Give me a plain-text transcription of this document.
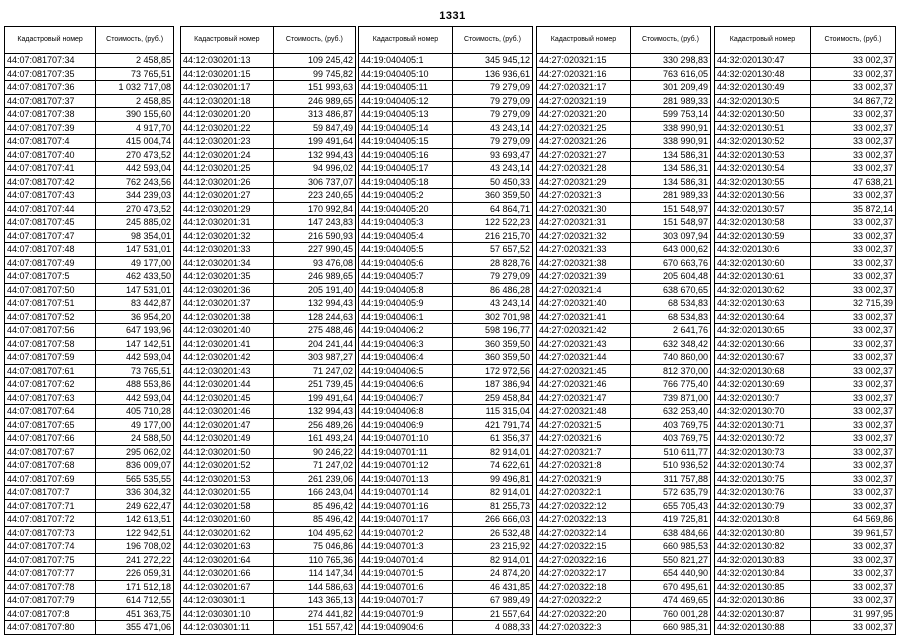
1331
Кадастровый номер	Стоимость, (руб.)
44:07:081707:34	2 458,85
44:07:081707:35	73 765,51
44:07:081707:36	1 032 717,08
44:07:081707:37	2 458,85
44:07:081707:38	390 155,60
44:07:081707:39	4 917,70
44:07:081707:4	415 004,74
44:07:081707:40	270 473,52
44:07:081707:41	442 593,04
44:07:081707:42	762 243,56
44:07:081707:43	344 239,03
44:07:081707:44	270 473,52
44:07:081707:45	245 885,02
44:07:081707:47	98 354,01
44:07:081707:48	147 531,01
44:07:081707:49	49 177,00
44:07:081707:5	462 433,50
44:07:081707:50	147 531,01
44:07:081707:51	83 442,87
44:07:081707:52	36 954,20
44:07:081707:56	647 193,96
44:07:081707:58	147 142,51
44:07:081707:59	442 593,04
44:07:081707:61	73 765,51
44:07:081707:62	488 553,86
44:07:081707:63	442 593,04
44:07:081707:64	405 710,28
44:07:081707:65	49 177,00
44:07:081707:66	24 588,50
44:07:081707:67	295 062,02
44:07:081707:68	836 009,07
44:07:081707:69	565 535,55
44:07:081707:7	336 304,32
44:07:081707:71	249 622,47
44:07:081707:72	142 613,51
44:07:081707:73	122 942,51
44:07:081707:74	196 708,02
44:07:081707:75	241 272,22
44:07:081707:77	226 059,31
44:07:081707:78	171 512,18
44:07:081707:79	614 712,55
44:07:081707:8	451 363,75
44:07:081707:80	355 471,06
Кадастровый номер	Стоимость, (руб.)
44:12:030201:13	109 245,42
44:12:030201:15	99 745,82
44:12:030201:17	151 993,63
44:12:030201:18	246 989,65
44:12:030201:20	313 486,87
44:12:030201:22	59 847,49
44:12:030201:23	199 491,64
44:12:030201:24	132 994,43
44:12:030201:25	94 996,02
44:12:030201:26	306 737,07
44:12:030201:27	223 240,65
44:12:030201:29	170 992,84
44:12:030201:31	147 243,83
44:12:030201:32	216 590,93
44:12:030201:33	227 990,45
44:12:030201:34	93 476,08
44:12:030201:35	246 989,65
44:12:030201:36	205 191,40
44:12:030201:37	132 994,43
44:12:030201:38	128 244,63
44:12:030201:40	275 488,46
44:12:030201:41	204 241,44
44:12:030201:42	303 987,27
44:12:030201:43	71 247,02
44:12:030201:44	251 739,45
44:12:030201:45	199 491,64
44:12:030201:46	132 994,43
44:12:030201:47	256 489,26
44:12:030201:49	161 493,24
44:12:030201:50	90 246,22
44:12:030201:52	71 247,02
44:12:030201:53	261 239,06
44:12:030201:55	166 243,04
44:12:030201:58	85 496,42
44:12:030201:60	85 496,42
44:12:030201:62	104 495,62
44:12:030201:63	75 046,86
44:12:030201:64	110 765,36
44:12:030201:66	114 147,34
44:12:030201:67	144 586,63
44:12:030301:1	143 365,13
44:12:030301:10	274 441,82
44:12:030301:11	151 557,42
Кадастровый номер	Стоимость, (руб.)
44:19:040405:1	345 945,12
44:19:040405:10	136 936,61
44:19:040405:11	79 279,09
44:19:040405:12	79 279,09
44:19:040405:13	79 279,09
44:19:040405:14	43 243,14
44:19:040405:15	79 279,09
44:19:040405:16	93 693,47
44:19:040405:17	43 243,14
44:19:040405:18	50 450,33
44:19:040405:2	360 359,50
44:19:040405:20	64 864,71
44:19:040405:3	122 522,23
44:19:040405:4	216 215,70
44:19:040405:5	57 657,52
44:19:040405:6	28 828,76
44:19:040405:7	79 279,09
44:19:040405:8	86 486,28
44:19:040405:9	43 243,14
44:19:040406:1	302 701,98
44:19:040406:2	598 196,77
44:19:040406:3	360 359,50
44:19:040406:4	360 359,50
44:19:040406:5	172 972,56
44:19:040406:6	187 386,94
44:19:040406:7	259 458,84
44:19:040406:8	115 315,04
44:19:040406:9	421 791,74
44:19:040701:10	61 356,37
44:19:040701:11	82 914,01
44:19:040701:12	74 622,61
44:19:040701:13	99 496,81
44:19:040701:14	82 914,01
44:19:040701:16	81 255,73
44:19:040701:17	266 666,03
44:19:040701:2	26 532,48
44:19:040701:3	23 215,92
44:19:040701:4	82 914,01
44:19:040701:5	24 874,20
44:19:040701:6	46 431,85
44:19:040701:7	67 989,49
44:19:040701:9	21 557,64
44:19:040904:6	4 088,33
Кадастровый номер	Стоимость, (руб.)
44:27:020321:15	330 298,83
44:27:020321:16	763 616,05
44:27:020321:17	301 209,49
44:27:020321:19	281 989,33
44:27:020321:20	599 753,14
44:27:020321:25	338 990,91
44:27:020321:26	338 990,91
44:27:020321:27	134 586,31
44:27:020321:28	134 586,31
44:27:020321:29	134 586,31
44:27:020321:3	281 989,33
44:27:020321:30	151 548,97
44:27:020321:31	151 548,97
44:27:020321:32	303 097,94
44:27:020321:33	643 000,62
44:27:020321:38	670 663,76
44:27:020321:39	205 604,48
44:27:020321:4	638 670,65
44:27:020321:40	68 534,83
44:27:020321:41	68 534,83
44:27:020321:42	2 641,76
44:27:020321:43	632 348,42
44:27:020321:44	740 860,00
44:27:020321:45	812 370,00
44:27:020321:46	766 775,40
44:27:020321:47	739 871,00
44:27:020321:48	632 253,40
44:27:020321:5	403 769,75
44:27:020321:6	403 769,75
44:27:020321:7	510 611,77
44:27:020321:8	510 936,52
44:27:020321:9	311 757,88
44:27:020322:1	572 635,79
44:27:020322:12	655 705,43
44:27:020322:13	419 725,81
44:27:020322:14	638 484,66
44:27:020322:15	660 985,53
44:27:020322:16	550 821,27
44:27:020322:17	654 440,90
44:27:020322:18	670 495,61
44:27:020322:2	474 469,65
44:27:020322:20	760 001,28
44:27:020322:3	660 985,31
Кадастровый номер	Стоимость, (руб.)
44:32:020130:47	33 002,37
44:32:020130:48	33 002,37
44:32:020130:49	33 002,37
44:32:020130:5	34 867,72
44:32:020130:50	33 002,37
44:32:020130:51	33 002,37
44:32:020130:52	33 002,37
44:32:020130:53	33 002,37
44:32:020130:54	33 002,37
44:32:020130:55	47 638,21
44:32:020130:56	33 002,37
44:32:020130:57	35 872,14
44:32:020130:58	33 002,37
44:32:020130:59	33 002,37
44:32:020130:6	33 002,37
44:32:020130:60	33 002,37
44:32:020130:61	33 002,37
44:32:020130:62	33 002,37
44:32:020130:63	32 715,39
44:32:020130:64	33 002,37
44:32:020130:65	33 002,37
44:32:020130:66	33 002,37
44:32:020130:67	33 002,37
44:32:020130:68	33 002,37
44:32:020130:69	33 002,37
44:32:020130:7	33 002,37
44:32:020130:70	33 002,37
44:32:020130:71	33 002,37
44:32:020130:72	33 002,37
44:32:020130:73	33 002,37
44:32:020130:74	33 002,37
44:32:020130:75	33 002,37
44:32:020130:76	33 002,37
44:32:020130:79	33 002,37
44:32:020130:8	64 569,86
44:32:020130:80	39 961,57
44:32:020130:82	33 002,37
44:32:020130:83	33 002,37
44:32:020130:84	33 002,37
44:32:020130:85	33 002,37
44:32:020130:86	33 002,37
44:32:020130:87	31 997,95
44:32:020130:88	33 002,37
